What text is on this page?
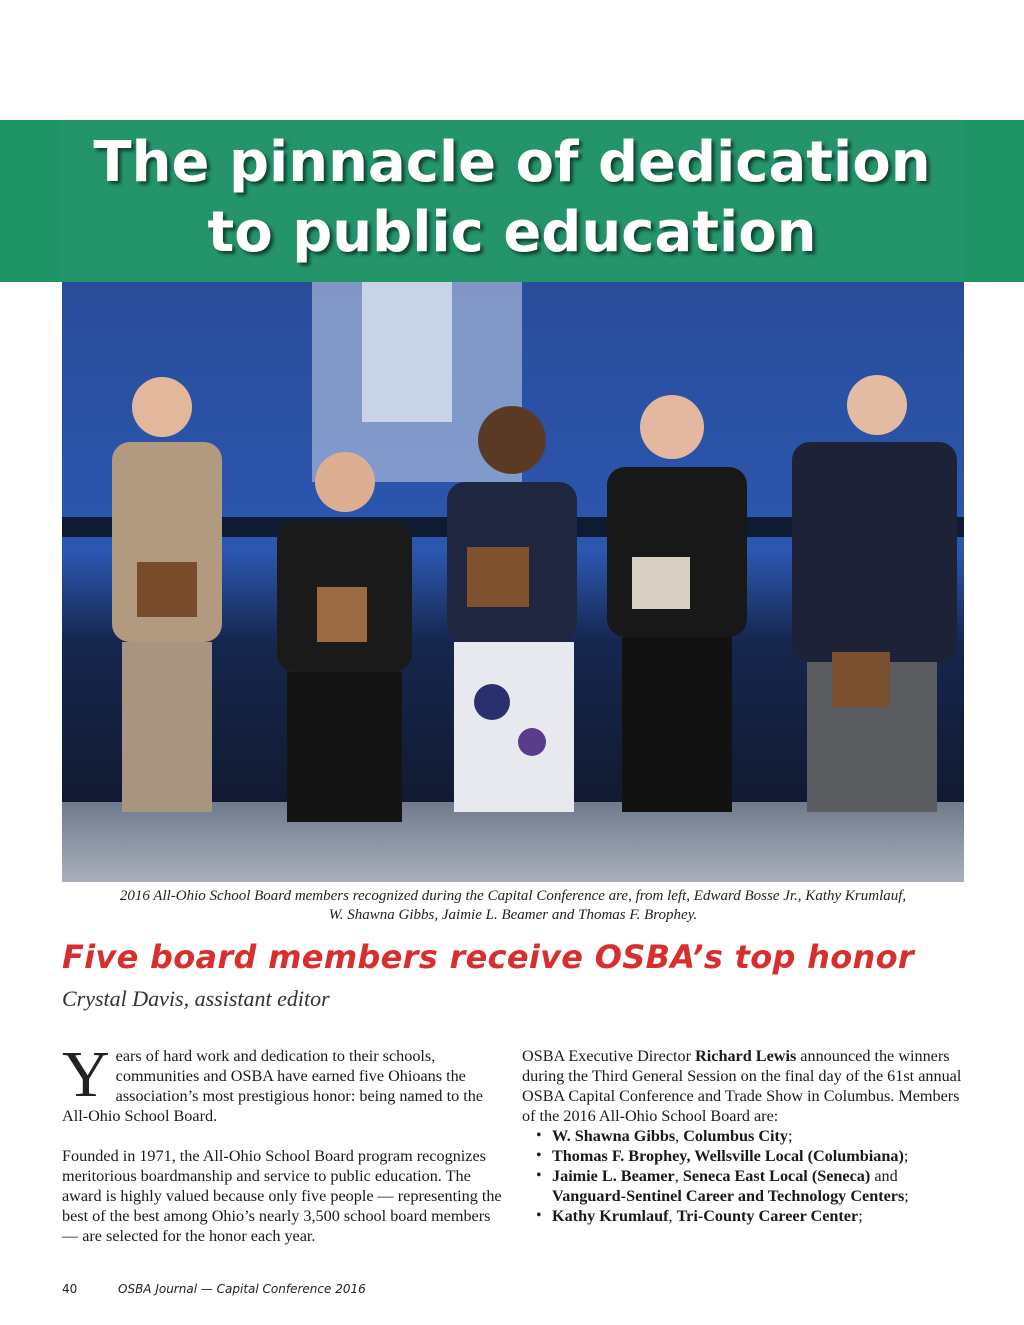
The pinnacle of dedication
to public education
2016 All-Ohio School Board members recognized during the Capital Conference are, from left, Edward Bosse Jr., Kathy Krumlauf,
W. Shawna Gibbs, Jaimie L. Beamer and Thomas F. Brophey.
Five board members receive OSBA’s top honor
Crystal Davis, assistant editor

Years of hard work and dedication to their schools, communities and OSBA have earned five Ohioans the association’s most prestigious honor: being named to the All-Ohio School Board.

Founded in 1971, the All-Ohio School Board program recognizes meritorious boardmanship and service to public education. The award is highly valued because only five people — representing the best of the best among Ohio’s nearly 3,500 school board members — are selected for the honor each year.

OSBA Executive Director Richard Lewis announced the winners during the Third General Session on the final day of the 61st annual OSBA Capital Conference and Trade Show in Columbus. Members of the 2016 All-Ohio School Board are:

• W. Shawna Gibbs, Columbus City;
• Thomas F. Brophey, Wellsville Local (Columbiana);
• Jaimie L. Beamer, Seneca East Local (Seneca) and Vanguard-Sentinel Career and Technology Centers;
• Kathy Krumlauf, Tri-County Career Center;
40	OSBA Journal — Capital Conference 2016
